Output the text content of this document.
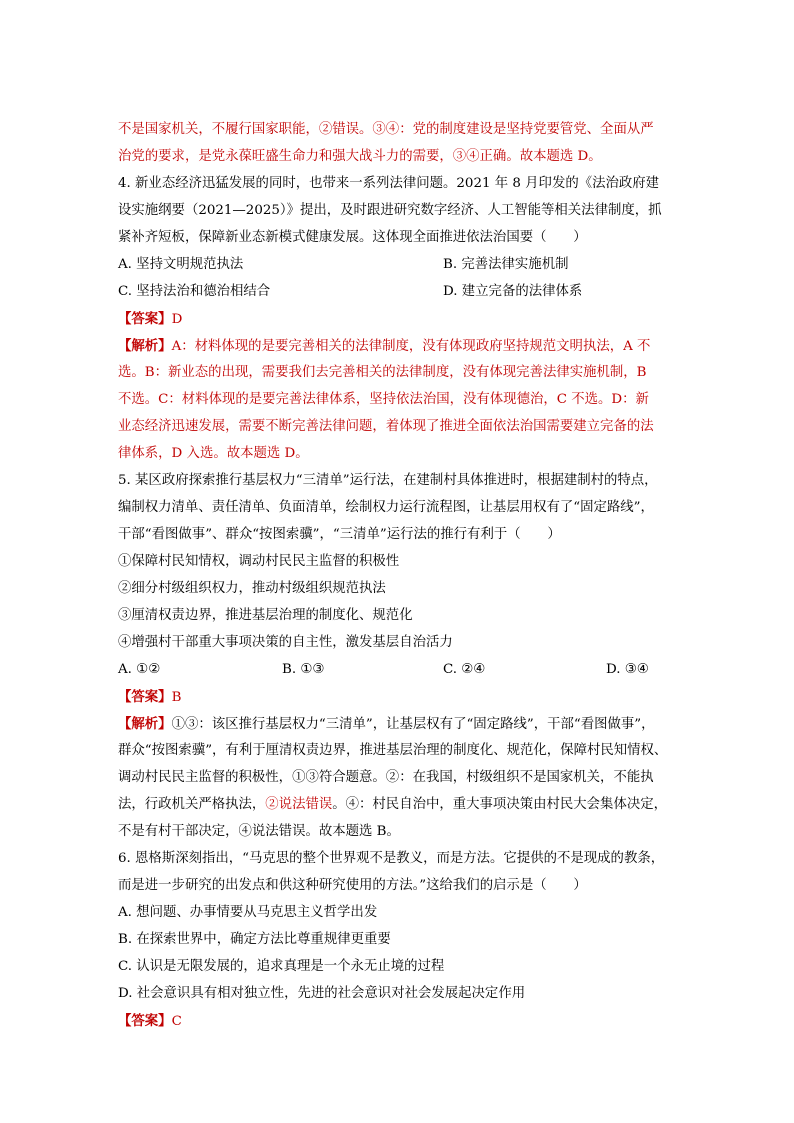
不是国家机关，不履行国家职能，②错误。③④：党的制度建设是坚持党要管党、全面从严
治党的要求，是党永葆旺盛生命力和强大战斗力的需要，③④正确。故本题选 D。
4. 新业态经济迅猛发展的同时，也带来一系列法律问题。2021 年 8 月印发的《法治政府建
设实施纲要（2021—2025）》提出，及时跟进研究数字经济、人工智能等相关法律制度，抓
紧补齐短板，保障新业态新模式健康发展。这体现全面推进依法治国要（　　）
A. 坚持文明规范执法	B. 完善法律实施机制
C. 坚持法治和德治相结合	D. 建立完备的法律体系
【答案】D
【解析】A：材料体现的是要完善相关的法律制度，没有体现政府坚持规范文明执法，A 不
选。B：新业态的出现，需要我们去完善相关的法律制度，没有体现完善法律实施机制，B
不选。C：材料体现的是要完善法律体系，坚持依法治国，没有体现德治，C 不选。D：新
业态经济迅速发展，需要不断完善法律问题，着体现了推进全面依法治国需要建立完备的法
律体系，D 入选。故本题选 D。
5. 某区政府探索推行基层权力“三清单”运行法，在建制村具体推进时，根据建制村的特点，
编制权力清单、责任清单、负面清单，绘制权力运行流程图，让基层用权有了“固定路线”，
干部“看图做事”、群众“按图索骥”，“三清单”运行法的推行有利于（　　）
①保障村民知情权，调动村民民主监督的积极性
②细分村级组织权力，推动村级组织规范执法
③厘清权责边界，推进基层治理的制度化、规范化
④增强村干部重大事项决策的自主性，激发基层自治活力
A. ①②	B. ①③	C. ②④	D. ③④
【答案】B
【解析】①③：该区推行基层权力“三清单”，让基层权有了“固定路线”，干部“看图做事”，
群众“按图索骥”，有利于厘清权责边界，推进基层治理的制度化、规范化，保障村民知情权、
调动村民民主监督的积极性，①③符合题意。②：在我国，村级组织不是国家机关，不能执
法，行政机关严格执法，②说法错误。④：村民自治中，重大事项决策由村民大会集体决定，
不是有村干部决定，④说法错误。故本题选 B。
6. 恩格斯深刻指出，“马克思的整个世界观不是教义，而是方法。它提供的不是现成的教条，
而是进一步研究的出发点和供这种研究使用的方法。”这给我们的启示是（　　）
A. 想问题、办事情要从马克思主义哲学出发
B. 在探索世界中，确定方法比尊重规律更重要
C. 认识是无限发展的，追求真理是一个永无止境的过程
D. 社会意识具有相对独立性，先进的社会意识对社会发展起决定作用
【答案】C
